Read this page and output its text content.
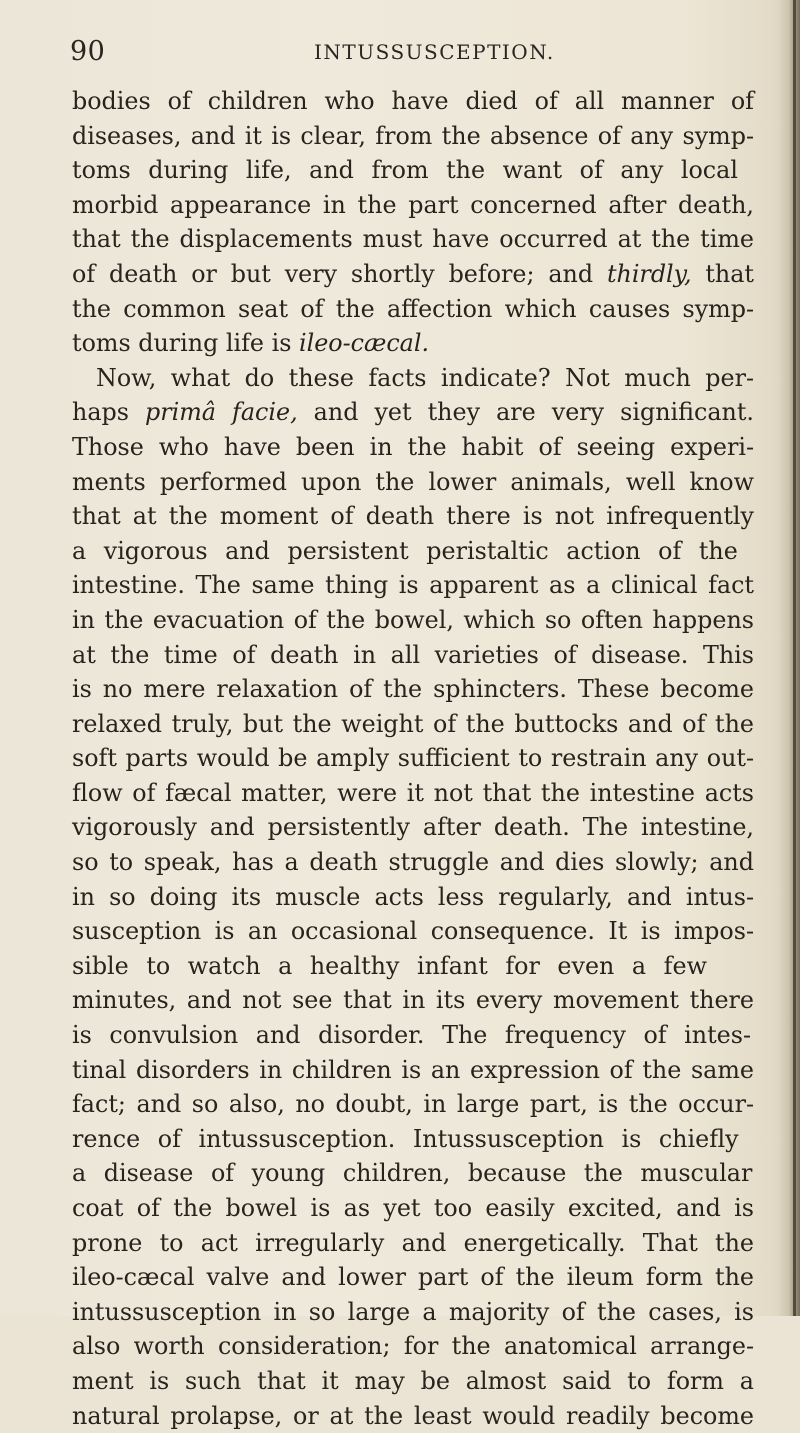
90	INTUSSUSCEPTION.
bodies of children who have died of all manner of
diseases, and it is clear, from the absence of any symp-
toms during life, and from the want of any local
morbid appearance in the part concerned after death,
that the displacements must have occurred at the time
of death or but very shortly before; and thirdly, that
the common seat of the affection which causes symp-
toms during life is ileo-cæcal.
Now, what do these facts indicate? Not much per-
haps primâ facie, and yet they are very significant.
Those who have been in the habit of seeing experi-
ments performed upon the lower animals, well know
that at the moment of death there is not infrequently
a vigorous and persistent peristaltic action of the
intestine. The same thing is apparent as a clinical fact
in the evacuation of the bowel, which so often happens
at the time of death in all varieties of disease. This
is no mere relaxation of the sphincters. These become
relaxed truly, but the weight of the buttocks and of the
soft parts would be amply sufficient to restrain any out-
flow of fæcal matter, were it not that the intestine acts
vigorously and persistently after death. The intestine,
so to speak, has a death struggle and dies slowly; and
in so doing its muscle acts less regularly, and intus-
susception is an occasional consequence. It is impos-
sible to watch a healthy infant for even a few
minutes, and not see that in its every movement there
is convulsion and disorder. The frequency of intes-
tinal disorders in children is an expression of the same
fact; and so also, no doubt, in large part, is the occur-
rence of intussusception. Intussusception is chiefly
a disease of young children, because the muscular
coat of the bowel is as yet too easily excited, and is
prone to act irregularly and energetically. That the
ileo-cæcal valve and lower part of the ileum form the
intussusception in so large a majority of the cases, is
also worth consideration; for the anatomical arrange-
ment is such that it may be almost said to form a
natural prolapse, or at the least would readily become
